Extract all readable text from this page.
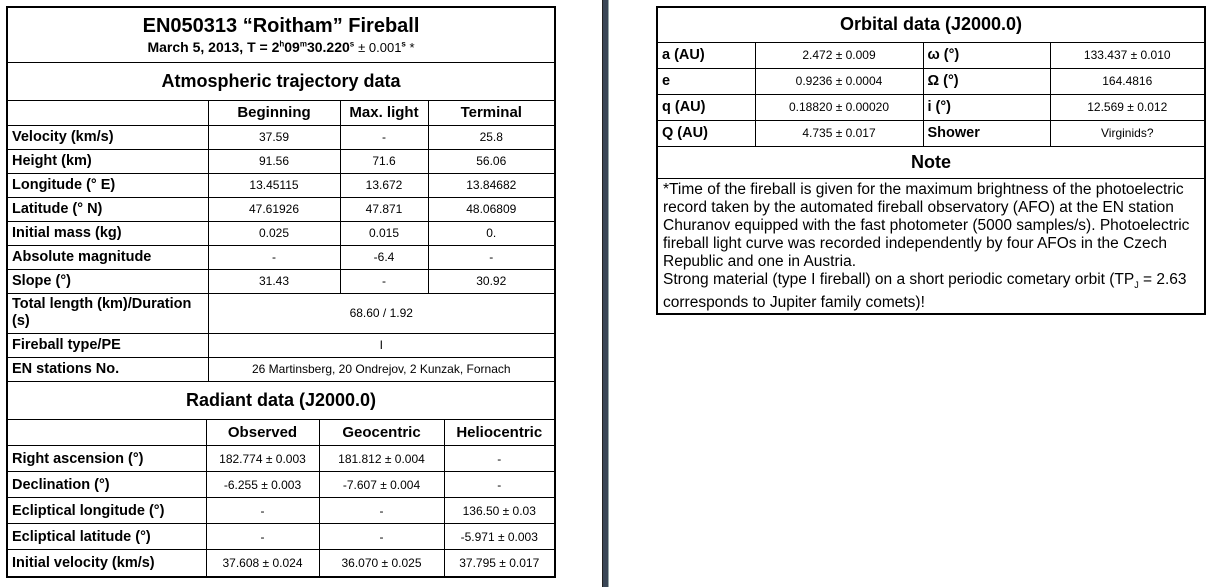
EN050313 “Roitham” Fireball
March 5, 2013, $T = 2^h09^m30.220^s \pm 0.001^s$ *			

Atmospheric trajectory data			
	Beginning	Max. light	Terminal
Velocity (km/s)	37.59	-	25.8
Height (km)	91.56	71.6	56.06
Longitude (° E)	13.45115	13.672	13.84682
Latitude (° N)	47.61926	47.871	48.06809
Initial mass (kg)	0.025	0.015	0.
Absolute magnitude	-	-6.4	-
Slope (°)	31.43	-	30.92
Total length (km)/Duration (s)	68.60 / 1.92		
Fireball type/PE	I		
EN stations No.	26 Martinsberg, 20 Ondrejov, 2 Kunzak, Fornach		
Radiant data (J2000.0)			
	Observed	Geocentric	Heliocentric
Right ascension (°)	182.774 ± 0.003	181.812 ± 0.004	-
Declination (°)	-6.255 ± 0.003	-7.607 ± 0.004	-
Ecliptical longitude (°)	-	-	136.50 ± 0.03
Ecliptical latitude (°)	-	-	-5.971 ± 0.003
Initial velocity (km/s)	37.608 ± 0.024	36.070 ± 0.025	37.795 ± 0.017
Orbital data (J2000.0)			
a (AU)	2.472 ± 0.009	ω (°)	133.437 ± 0.010
e	0.9236 ± 0.0004	Ω (°)	164.4816
q (AU)	0.18820 ± 0.00020	i (°)	12.569 ± 0.012
Q (AU)	4.735 ± 0.017	Shower	Virginids?
Note			
*Time of the fireball is given for the maximum brightness of the photoelectric record taken by the automated fireball observatory (AFO) at the EN station Churanov equipped with the fast photometer (5000 samples/s). Photoelectric fireball light curve was recorded independently by four AFOs in the Czech Republic and one in Austria.
Strong material (type I fireball) on a short periodic cometary orbit ($TP_J = 2.63$ corresponds to Jupiter family comets)!			
